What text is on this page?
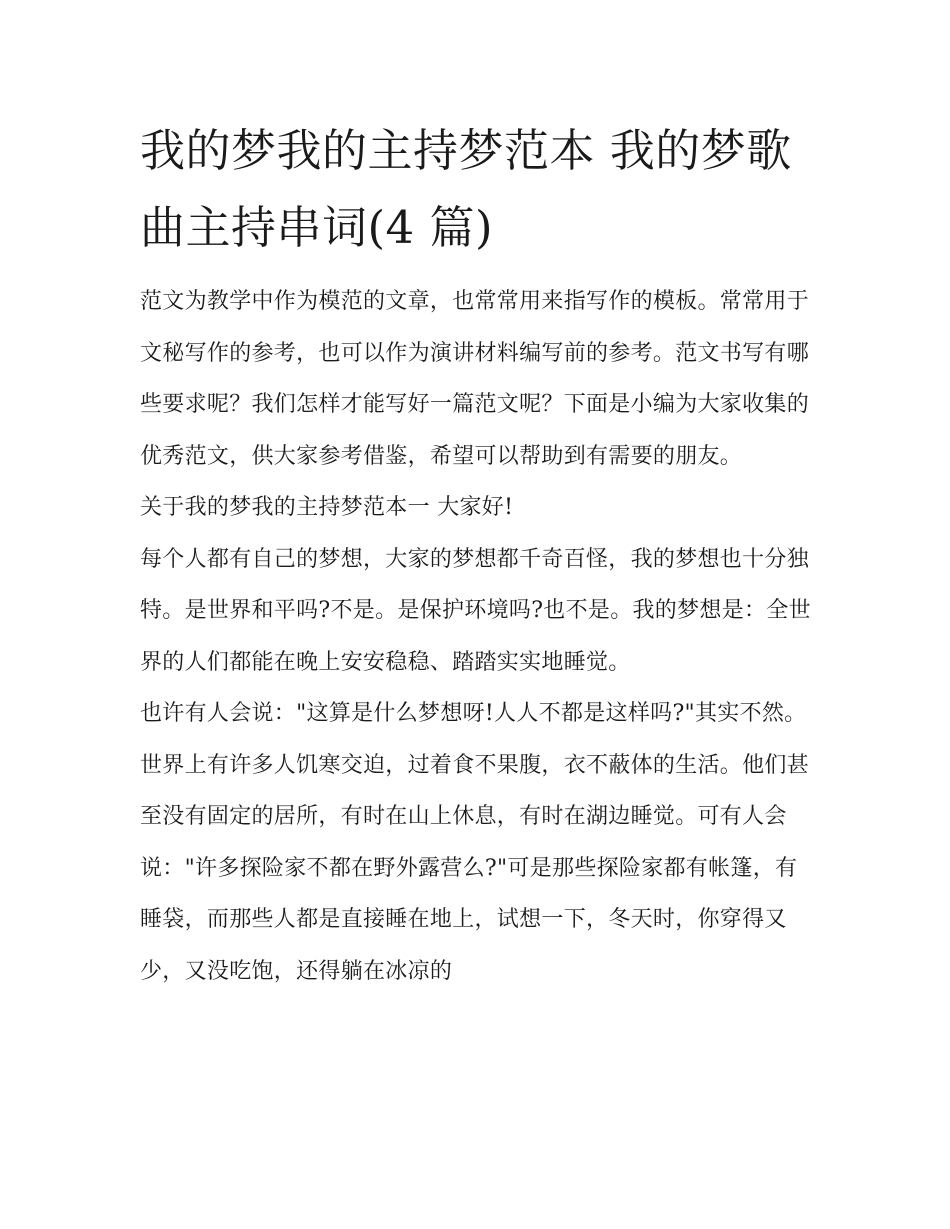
我的梦我的主持梦范本 我的梦歌曲主持串词(4 篇)

范文为教学中作为模范的文章，也常常用来指写作的模板。常常用于文秘写作的参考，也可以作为演讲材料编写前的参考。范文书写有哪些要求呢？我们怎样才能写好一篇范文呢？下面是小编为大家收集的优秀范文，供大家参考借鉴，希望可以帮助到有需要的朋友。

关于我的梦我的主持梦范本一 大家好!

每个人都有自己的梦想，大家的梦想都千奇百怪，我的梦想也十分独特。是世界和平吗?不是。是保护环境吗?也不是。我的梦想是：全世界的人们都能在晚上安安稳稳、踏踏实实地睡觉。

也许有人会说："这算是什么梦想呀!人人不都是这样吗?"其实不然。世界上有许多人饥寒交迫，过着食不果腹，衣不蔽体的生活。他们甚至没有固定的居所，有时在山上休息，有时在湖边睡觉。可有人会说："许多探险家不都在野外露营么?"可是那些探险家都有帐篷，有睡袋，而那些人都是直接睡在地上，试想一下，冬天时，你穿得又少，又没吃饱，还得躺在冰凉的
